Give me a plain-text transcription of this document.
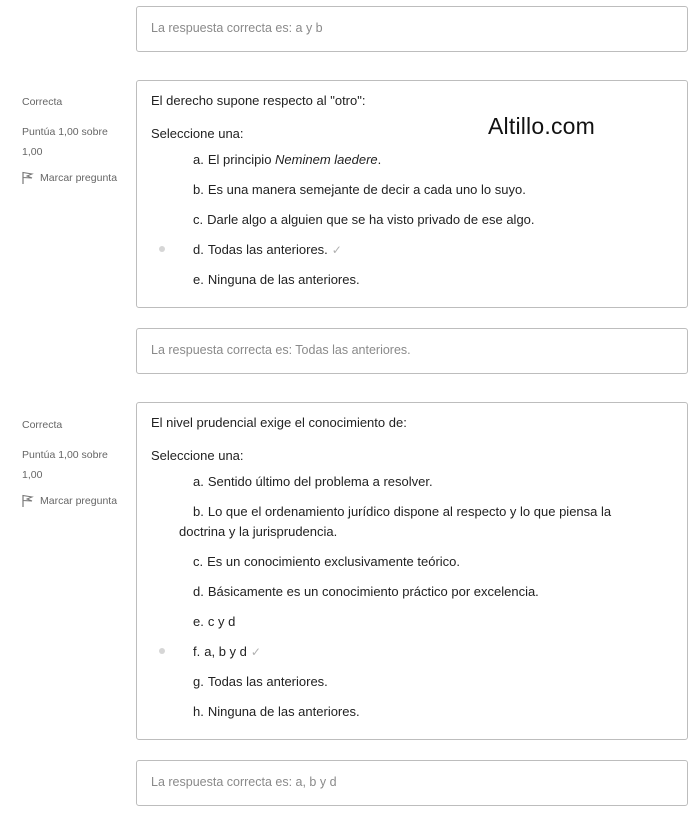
La respuesta correcta es: a y b
Correcta
Puntúa 1,00 sobre 1,00
Marcar pregunta
El derecho supone respecto al "otro":
Seleccione una:
a. El principio Neminem laedere.
b. Es una manera semejante de decir a cada uno lo suyo.
c. Darle algo a alguien que se ha visto privado de ese algo.
d. Todas las anteriores. ✓
e. Ninguna de las anteriores.
Altillo.com
La respuesta correcta es: Todas las anteriores.
Correcta
Puntúa 1,00 sobre 1,00
Marcar pregunta
El nivel prudencial exige el conocimiento de:
Seleccione una:
a. Sentido último del problema a resolver.
b. Lo que el ordenamiento jurídico dispone al respecto y lo que piensa la doctrina y la jurisprudencia.
c. Es un conocimiento exclusivamente teórico.
d. Básicamente es un conocimiento práctico por excelencia.
e. c y d
f. a, b y d ✓
g. Todas las anteriores.
h. Ninguna de las anteriores.
La respuesta correcta es: a, b y d
